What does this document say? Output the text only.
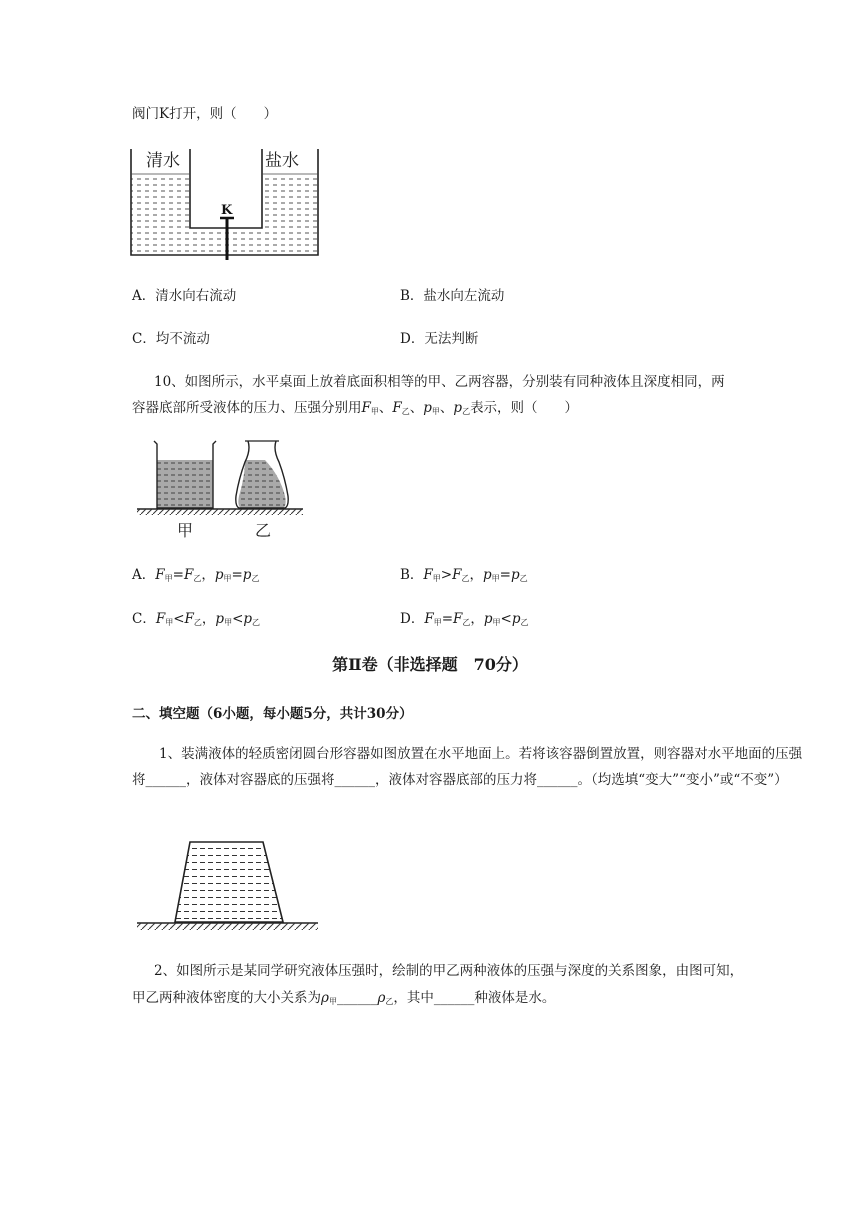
阀门K打开，则（　　）
清水	盐水
K
A．清水向右流动	B．盐水向左流动
C．均不流动	D．无法判断
10、如图所示，水平桌面上放着底面积相等的甲、乙两容器，分别装有同种液体且深度相同，两
容器底部所受液体的压力、压强分别用$F_甲$、$F_乙$、$p_甲$、$p_乙$表示，则（　　）
甲	乙
A．$F_甲=F_乙$，$p_甲=p_乙$	B．$F_甲>F_乙$，$p_甲=p_乙$
C．$F_甲<F_乙$，$p_甲<p_乙$	D．$F_甲=F_乙$，$p_甲<p_乙$
第Ⅱ卷（非选择题　70分）
二、填空题（6小题，每小题5分，共计30分）
1、装满液体的轻质密闭圆台形容器如图放置在水平地面上。若将该容器倒置放置，则容器对水平地面的压强将______，液体对容器底的压强将______，液体对容器底部的压力将______。（均选填“变大”“变小”或“不变”）
2、如图所示是某同学研究液体压强时，绘制的甲乙两种液体的压强与深度的关系图象，由图可知，
甲乙两种液体密度的大小关系为$\rho_甲\_\_\_\_\_\_\rho_乙$，其中______种液体是水。
